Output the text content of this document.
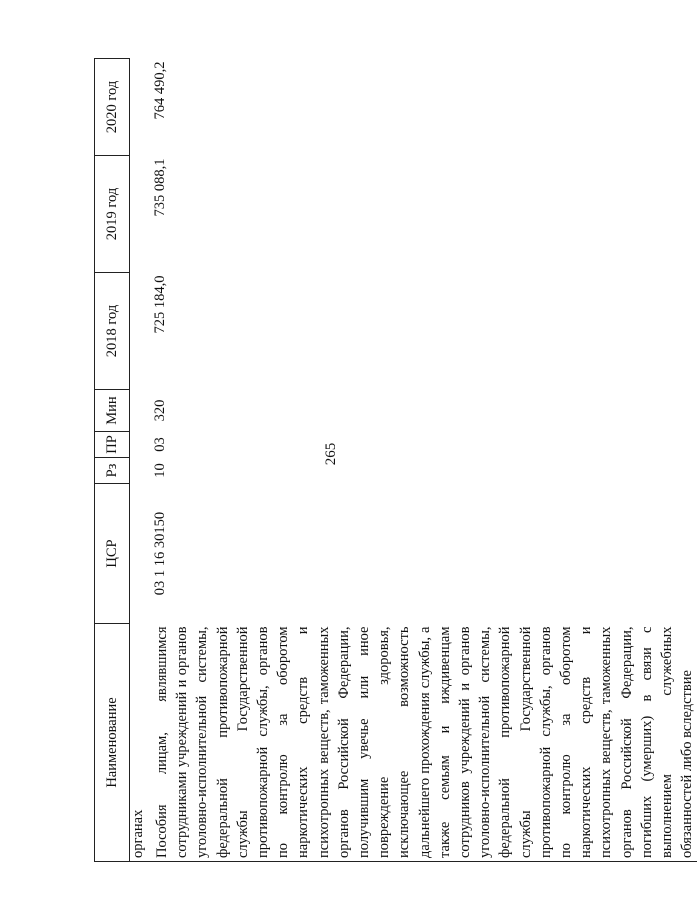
265
Наименование	ЦСР	Рз	ПР	Мин	2018 год	2019 год	2020 год
органах							
Пособия лицам, являвшимся сотрудниками учреждений и органов уголовно-исполнительной системы, федеральной противопожарной службы Государственной противопожарной службы, органов по контролю за оборотом наркотических средств и психотропных веществ, таможенных органов Российской Федерации, получившим увечье или иное повреждение здоровья, исключающее возможность дальнейшего прохождения службы, а также семьям и иждивенцам сотрудников учреждений и органов уголовно-исполнительной системы, федеральной противопожарной службы Государственной противопожарной службы, органов по контролю за оборотом наркотических средств и психотропных веществ, таможенных органов Российской Федерации, погибших (умерших) в связи с выполнением служебных обязанностей либо вследствие	03 1 16 30150	10	03	320	725 184,0	735 088,1	764 490,2
